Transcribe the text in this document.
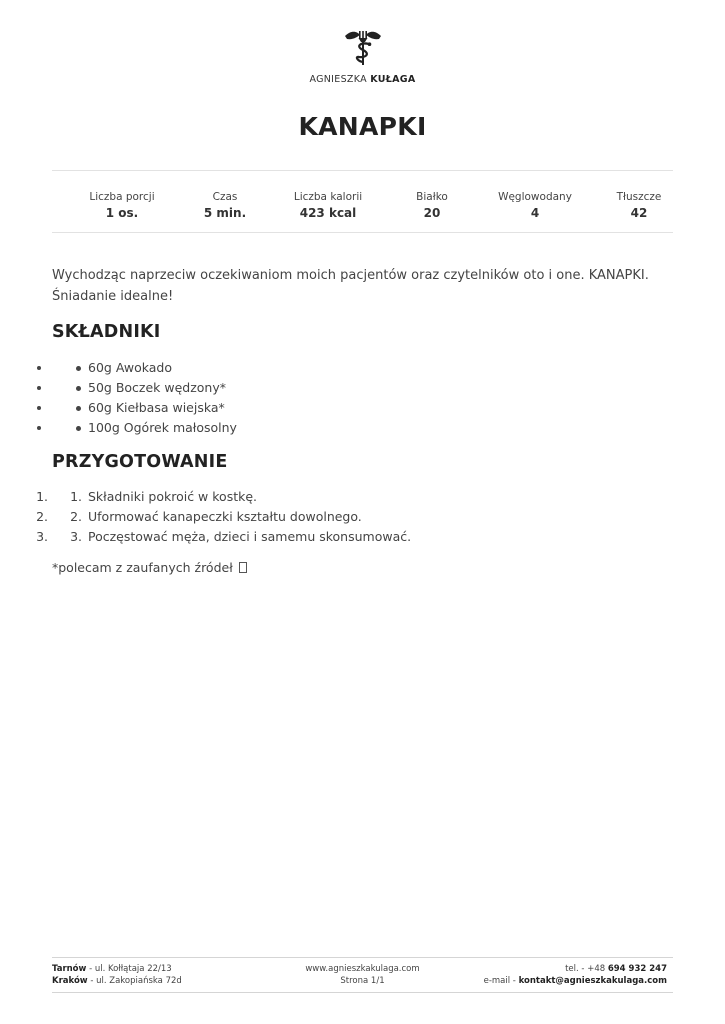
AGNIESZKA KUŁAGA
KANAPKI
Liczba porcji
1 os.
Czas
5 min.
Liczba kalorii
423 kcal
Białko
20
Węglowodany
4
Tłuszcze
42

Wychodząc naprzeciw oczekiwaniom moich pacjentów oraz czytelników oto i one. KANAPKI. Śniadanie idealne!

SKŁADNIKI
• 60g Awokado
• 50g Boczek wędzony*
• 60g Kiełbasa wiejska*
• 100g Ogórek małosolny
PRZYGOTOWANIE
1. 1. Składniki pokroić w kostkę.
2. 2. Uformować kanapeczki kształtu dowolnego.
3. 3. Poczęstować męża, dzieci i samemu skonsumować.

*polecam z zaufanych źródeł

Tarnów - ul. Kołłątaja 22/13
Kraków - ul. Zakopiańska 72d
www.agnieszkakulaga.com
Strona 1/1
tel. - +48 694 932 247
e-mail - kontakt@agnieszkakulaga.com
